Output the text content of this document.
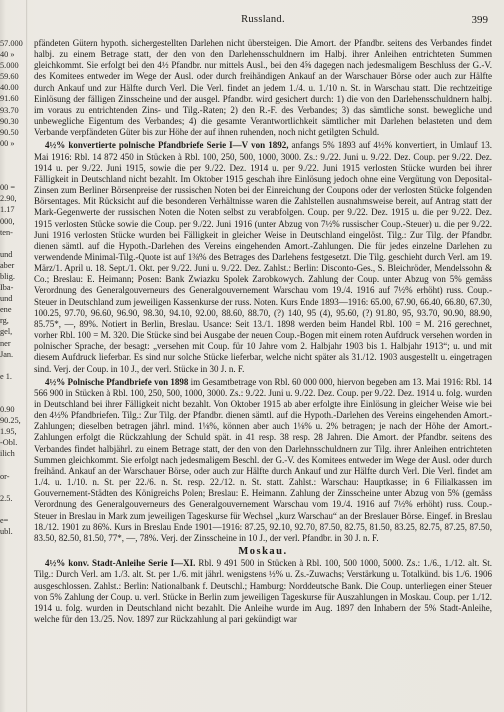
57.000
40 »
5.000
59.60
40.00
91.60
93.70
90.30
90.50
00 »
00 =
2.90,
1.17
000,
ten-
und
aber
blig.
Iba-
und
ene
rg,
gel,
ner
Jan.
e 1.
0.90
90.25,
1.95,
-Obl.
ilich
or-
2.5.
e=
ubl.
Russland.	399

pfändeten Gütern hypoth. sichergestellten Darlehen nicht übersteigen. Die Amort. der Pfandbr. seitens des Verbandes findet halbj. zu einem Betrage statt, der den von den Darlehensschuldnern im Halbj. ihrer Anleihen entrichteten Summen gleichkommt. Sie erfolgt bei den 4½ Pfandbr. nur mittels Ausl., bei den 4⅝ dagegen nach jedesmaligem Beschluss der G.-V. des Komitees entweder im Wege der Ausl. oder durch freihändigen Ankauf an der Warschauer Börse oder auch zur Hälfte durch Ankauf und zur Hälfte durch Verl. Die Verl. findet an jedem 1./4. u. 1./10 n. St. in Warschau statt. Die rechtzeitige Einlösung der fälligen Zinsscheine und der ausgel. Pfandbr. wird gesichert durch: 1) die von den Darlehensschuldnern halbj. im voraus zu entrichtenden Zins- und Tilg.-Raten; 2) den R.-F. des Verbandes; 3) das sämtliche sonst. bewegliche und unbewegliche Eigentum des Verbandes; 4) die gesamte Verantwortlichkeit sämtlicher mit Darlehen belasteten und dem Verbande verpfändeten Güter bis zur Höhe der auf ihnen ruhenden, noch nicht getilgten Schuld.

4½% konvertierte polnische Pfandbriefe Serie I—V von 1892, anfangs 5% 1893 auf 4½% konvertiert, in Umlauf 13. Mai 1916: Rbl. 14 872 450 in Stücken à Rbl. 100, 250, 500, 1000, 3000. Zs.: 9./22. Juni u. 9./22. Dez. Coup. per 9./22. Dez. 1914 u. per 9./22. Juni 1915, sowie die per 9./22. Dez. 1914 u. per 9./22. Juni 1915 verlosten Stücke wurden bei ihrer Fälligkeit in Deutschland nicht bezahlt. Im Oktober 1915 geschah ihre Einlösung jedoch ohne eine Vergütung von Deposital-Zinsen zum Berliner Börsenpreise der russischen Noten bei der Einreichung der Coupons oder der verlosten Stücke folgenden Börsentages. Mit Rücksicht auf die besonderen Verhältnisse waren die Zahlstellen ausnahmsweise bereit, auf Antrag statt der Mark-Gegenwerte der russischen Noten die Noten selbst zu verabfolgen. Coup. per 9./22. Dez. 1915 u. die per 9./22. Dez. 1915 verlosten Stücke sowie die Coup. per 9./22. Juni 1916 (unter Abzug von 7½% russischer Coup.-Steuer) u. die per 9./22. Juni 1916 verlosten Stücke wurden bei Fälligkeit in gleicher Weise in Deutschland eingelöst. Tilg.: Zur Tilg. der Pfandbr. dienen sämtl. auf die Hypoth.-Darlehen des Vereins eingehenden Amort.-Zahlungen. Die für jedes einzelne Darlehen zu verwendende Minimal-Tilg.-Quote ist auf 1⅜% des Betrages des Darlehens festgesetzt. Die Tilg. geschieht durch Verl. am 19. März/1. April u. 18. Sept./1. Okt. per 9./22. Juni u. 9./22. Dez. Zahlst.: Berlin: Disconto-Ges., S. Bleichröder, Mendelssohn & Co.; Breslau: E. Heimann; Posen: Bank Zwiazku Spolek Zarobkowych. Zahlung der Coup. unter Abzug von 5% gemäss Verordnung des Generalgouverneurs des Generalgouvernement Warschau vom 19./4. 1916 auf 7½% erhöht) russ. Coup.-Steuer in Deutschland zum jeweiligen Kassenkurse der russ. Noten. Kurs Ende 1893—1916: 65.00, 67.90, 66.40, 66.80, 67.30, 100.25, 97.70, 96.60, 96.90, 98.30, 94.10, 92.00, 88.60, 88.70, (?) 140, 95 (4), 95.60, (?) 91.80, 95, 93.70, 90.90, 88.90, 85.75*, —, 89%. Notiert in Berlin, Breslau. Usance: Seit 13./1. 1898 werden beim Handel Rbl. 100 = M. 216 gerechnet, vorher Rbl. 100 = M. 320. Die Stücke sind bei Ausgabe der neuen Coup.-Bogen mit einem roten Aufdruck versehen worden in polnischer Sprache, der besagt: „versehen mit Coup. für 10 Jahre vom 2. Halbjahr 1903 bis 1. Halbjahr 1913“; u. und mit diesem Aufdruck lieferbar. Es sind nur solche Stücke lieferbar, welche nicht später als 31./12. 1903 ausgestellt u. eingetragen sind. Verj. der Coup. in 10 J., der verl. Stücke in 30 J. n. F.

4½% Polnische Pfandbriefe von 1898 im Gesamtbetrage von Rbl. 60 000 000, hiervon begeben am 13. Mai 1916: Rbl. 14 566 900 in Stücken à Rbl. 100, 250, 500, 1000, 3000. Zs.: 9./22. Juni u. 9./22. Dez. Coup. per 9./22. Dez. 1914 u. folg. wurden in Deutschland bei ihrer Fälligkeit nicht bezahlt. Von Oktober 1915 ab aber erfolgte ihre Einlösung in gleicher Weise wie bei den 4½% Pfandbriefen. Tilg.: Zur Tilg. der Pfandbr. dienen sämtl. auf die Hypoth.-Darlehen des Vereins eingehenden Amort.-Zahlungen; dieselben betragen jährl. mind. 1⅛%, können aber auch 1⅛% u. 2% betragen; je nach der Höhe der Amort.-Zahlungen erfolgt die Rückzahlung der Schuld spät. in 41 resp. 38 resp. 28 Jahren. Die Amort. der Pfandbr. seitens des Verbandes findet halbjährl. zu einem Betrage statt, der den von den Darlehnsschuldnern zur Tilg. ihrer Anleihen entrichteten Summen gleichkommt. Sie erfolgt nach jedesmaligem Beschl. der G.-V. des Komitees entweder im Wege der Ausl. oder durch freihänd. Ankauf an der Warschauer Börse, oder auch zur Hälfte durch Ankauf und zur Hälfte durch Verl. Die Verl. findet am 1./4. u. 1./10. n. St. per 22./6. n. St. resp. 22./12. n. St. statt. Zahlst.: Warschau: Hauptkasse; in 6 Filialkassen im Gouvernement-Städten des Königreichs Polen; Breslau: E. Heimann. Zahlung der Zinsscheine unter Abzug von 5% (gemäss Verordnung des Generalgouverneurs des Generalgouvernement Warschau vom 19./4. 1916 auf 7½% erhöht) russ. Coup.-Steuer in Breslau in Mark zum jeweiligen Tageskurse für Wechsel „kurz Warschau“ an der Breslauer Börse. Eingef. in Breslau 18./12. 1901 zu 86%. Kurs in Breslau Ende 1901—1916: 87.25, 92.10, 92.70, 87.50, 82.75, 81.50, 83.25, 82.75, 87.25, 87.50, 83.50, 82.50, 81.50, 77*, —, 78%. Verj. der Zinsscheine in 10 J., der verl. Pfandbr. in 30 J. n. F.

Moskau.

4½% konv. Stadt-Anleihe Serie I—XI. Rbl. 9 491 500 in Stücken à Rbl. 100, 500 1000, 5000. Zs.: 1./6., 1./12. alt. St. Tilg.: Durch Verl. am 1./3. alt. St. per 1./6. mit jährl. wenigstens ½% u. Zs.-Zuwachs; Verstärkung u. Totalkünd. bis 1./6. 1906 ausgeschlossen. Zahlst.: Berlin: Nationalbank f. Deutschl.; Hamburg: Norddeutsche Bank. Die Coup. unterliegen einer Steuer von 5% Zahlung der Coup. u. verl. Stücke in Berlin zum jeweiligen Tageskurse für Auszahlungen in Moskau. Coup. per 1./12. 1914 u. folg. wurden in Deutschland nicht bezahlt. Die Anleihe wurde im Aug. 1897 den Inhabern der 5% Stadt-Anleihe, welche für den 13./25. Nov. 1897 zur Rückzahlung al pari gekündigt war
